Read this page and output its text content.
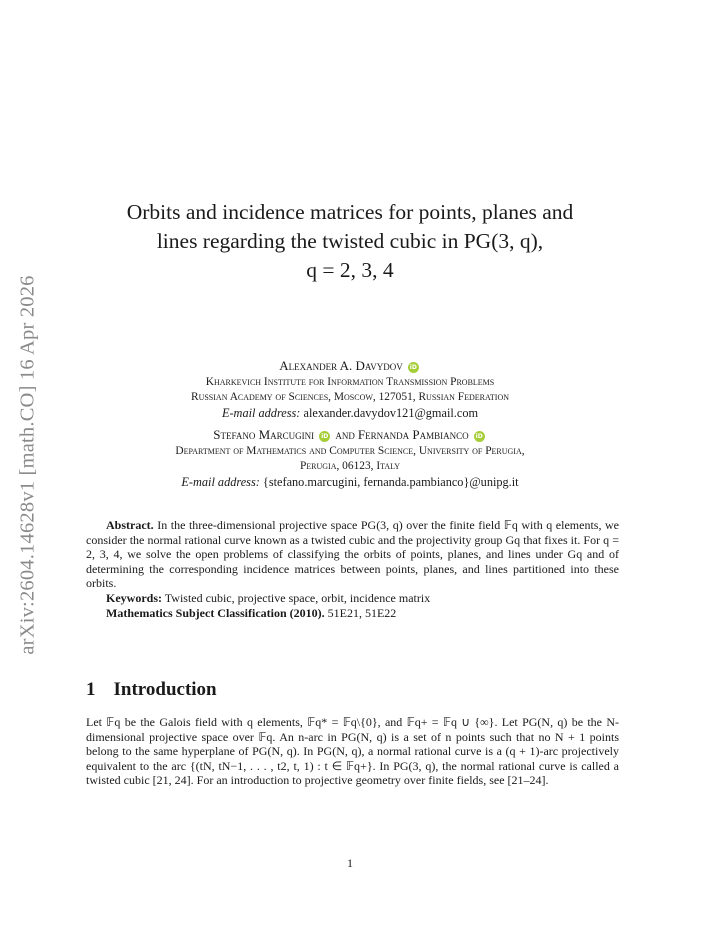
arXiv:2604.14628v1 [math.CO] 16 Apr 2026
Orbits and incidence matrices for points, planes and
lines regarding the twisted cubic in PG(3, q),
q = 2, 3, 4
Alexander A. Davydov iD
Kharkevich Institute for Information Transmission Problems
Russian Academy of Sciences, Moscow, 127051, Russian Federation
E-mail address: alexander.davydov121@gmail.com
Stefano Marcugini iD and Fernanda Pambianco iD
Department of Mathematics and Computer Science, University of Perugia,
Perugia, 06123, Italy
E-mail address: {stefano.marcugini, fernanda.pambianco}@unipg.it
Abstract. In the three-dimensional projective space PG(3, q) over the finite field 𝔽q with q elements, we consider the normal rational curve known as a twisted cubic and the projectivity group Gq that fixes it. For q = 2, 3, 4, we solve the open problems of classifying the orbits of points, planes, and lines under Gq and of determining the corresponding incidence matrices between points, planes, and lines partitioned into these orbits.
Keywords: Twisted cubic, projective space, orbit, incidence matrix
Mathematics Subject Classification (2010). 51E21, 51E22
1 Introduction
Let 𝔽q be the Galois field with q elements, 𝔽q* = 𝔽q\{0}, and 𝔽q+ = 𝔽q ∪ {∞}. Let PG(N, q) be the N-dimensional projective space over 𝔽q. An n-arc in PG(N, q) is a set of n points such that no N + 1 points belong to the same hyperplane of PG(N, q). In PG(N, q), a normal rational curve is a (q + 1)-arc projectively equivalent to the arc {(tN, tN−1, . . . , t2, t, 1) : t ∈ 𝔽q+}. In PG(3, q), the normal rational curve is called a twisted cubic [21, 24]. For an introduction to projective geometry over finite fields, see [21–24].
1
